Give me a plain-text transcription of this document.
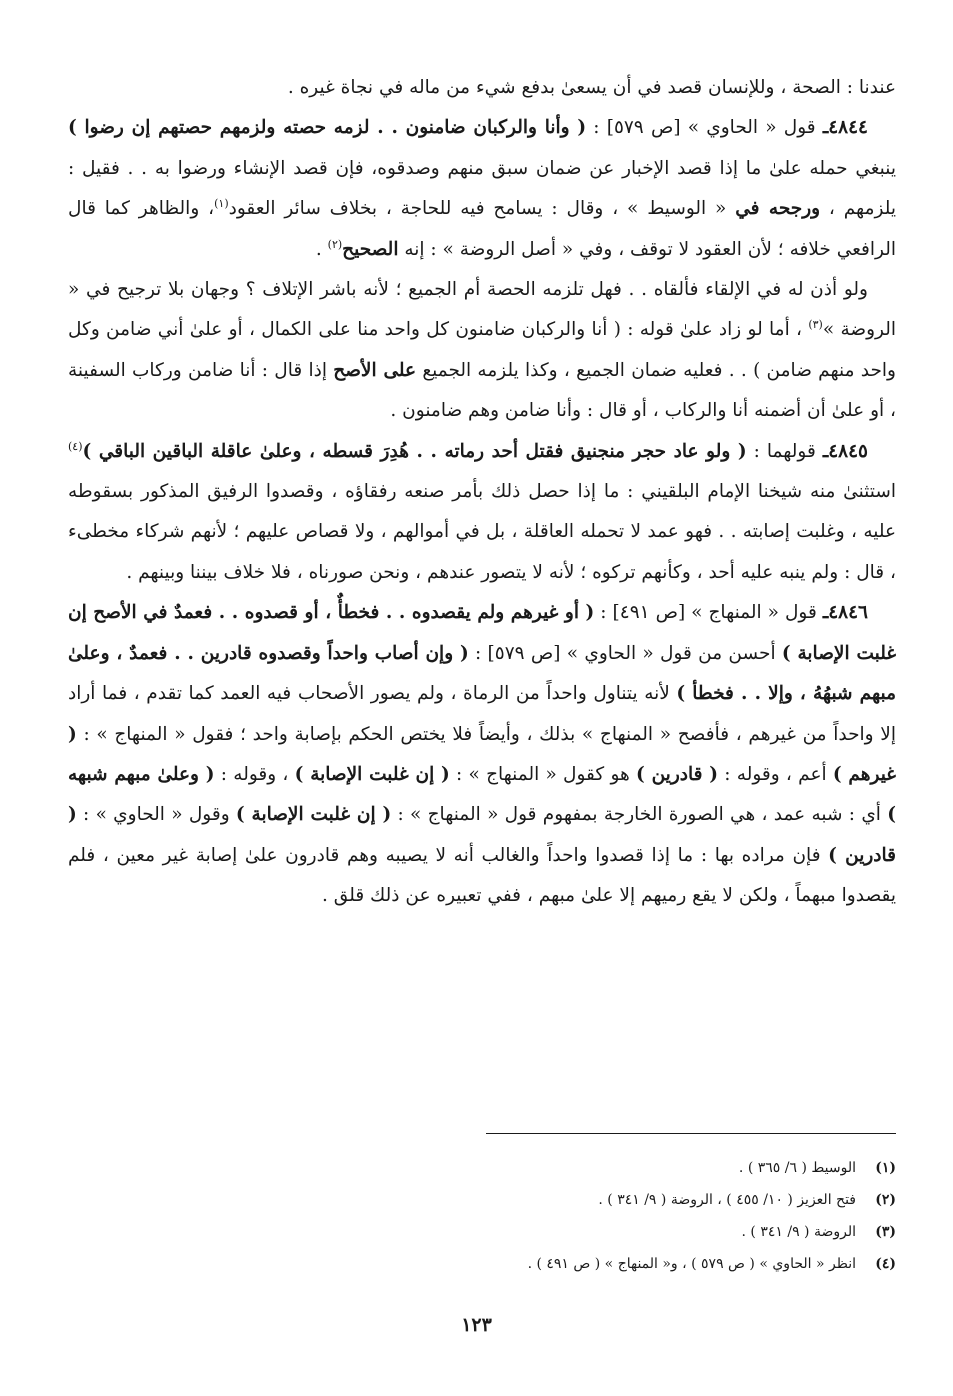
عندنا : الصحة ، وللإنسان قصد في أن يسعىٰ بدفع شيء من ماله في نجاة غيره .

٤٨٤٤ـ قول « الحاوي » [ص ٥٧٩] : ( وأنا والركبان ضامنون . . لزمه حصته ولزمهم حصتهم إن رضوا ) ينبغي حمله علىٰ ما إذا قصد الإخبار عن ضمان سبق منهم وصدقوه، فإن قصد الإنشاء ورضوا به . . فقيل : يلزمهم ، ورجحه في « الوسيط » ، وقال : يسامح فيه للحاجة ، بخلاف سائر العقود$^{(١)}$، والظاهر كما قال الرافعي خلافه ؛ لأن العقود لا توقف ، وفي « أصل الروضة » : إنه الصحيح$^{(٢)}$ .

ولو أذن له في الإلقاء فألقاه . . فهل تلزمه الحصة أم الجميع ؛ لأنه باشر الإتلاف ؟ وجهان بلا ترجيح في « الروضة »$^{(٣)}$ ، أما لو زاد علىٰ قوله : ( أنا والركبان ضامنون كل واحد منا على الكمال ، أو علىٰ أني ضامن وكل واحد منهم ضامن ) . . فعليه ضمان الجميع ، وكذا يلزمه الجميع على الأصح إذا قال : أنا ضامن وركاب السفينة ، أو علىٰ أن أضمنه أنا والركاب ، أو قال : وأنا ضامن وهم ضامنون .

٤٨٤٥ـ قولهما : ( ولو عاد حجر منجنيق فقتل أحد رماته . . هُدِرَ قسطه ، وعلىٰ عاقلة الباقين الباقي )$^{(٤)}$ استثنىٰ منه شيخنا الإمام البلقيني : ما إذا حصل ذلك بأمر صنعه رفقاؤه ، وقصدوا الرفيق المذكور بسقوطه عليه ، وغلبت إصابته . . فهو عمد لا تحمله العاقلة ، بل في أموالهم ، ولا قصاص عليهم ؛ لأنهم شركاء مخطىء ، قال : ولم ينبه عليه أحد ، وكأنهم تركوه ؛ لأنه لا يتصور عندهم ، ونحن صورناه ، فلا خلاف بيننا وبينهم .

٤٨٤٦ـ قول « المنهاج » [ص ٤٩١] : ( أو غيرهم ولم يقصدوه . . فخطأٌ ، أو قصدوه . . فعمدٌ في الأصح إن غلبت الإصابة ) أحسن من قول « الحاوي » [ص ٥٧٩] : ( وإن أصاب واحداً وقصدوه قادرين . . فعمدٌ ، وعلىٰ مبهم شبهُهُ ، وإلا . . فخطأ ) لأنه يتناول واحداً من الرماة ، ولم يصور الأصحاب فيه العمد كما تقدم ، فما أراد إلا واحداً من غيرهم ، فأفصح « المنهاج » بذلك ، وأيضاً فلا يختص الحكم بإصابة واحد ؛ فقول « المنهاج » : ( غيرهم ) أعم ، وقوله : ( قادرين ) هو كقول « المنهاج » : ( إن غلبت الإصابة ) ، وقوله : ( وعلىٰ مبهم شبهه ) أي : شبه عمد ، هي الصورة الخارجة بمفهوم قول « المنهاج » : ( إن غلبت الإصابة ) وقول « الحاوي » : ( قادرين ) فإن مراده بها : ما إذا قصدوا واحداً والغالب أنه لا يصيبه وهم قادرون علىٰ إصابة غير معين ، فلم يقصدوا مبهماً ، ولكن لا يقع رميهم إلا علىٰ مبهم ، ففي تعبيره عن ذلك قلق .

(١)
الوسيط ( ٦/ ٣٦٥ ) .
(٢)
فتح العزيز ( ١٠/ ٤٥٥ ) ، الروضة ( ٩/ ٣٤١ ) .
(٣)
الروضة ( ٩/ ٣٤١ ) .
(٤)
انظر « الحاوي » ( ص ٥٧٩ ) ، و« المنهاج » ( ص ٤٩١ ) .
١٢٣
